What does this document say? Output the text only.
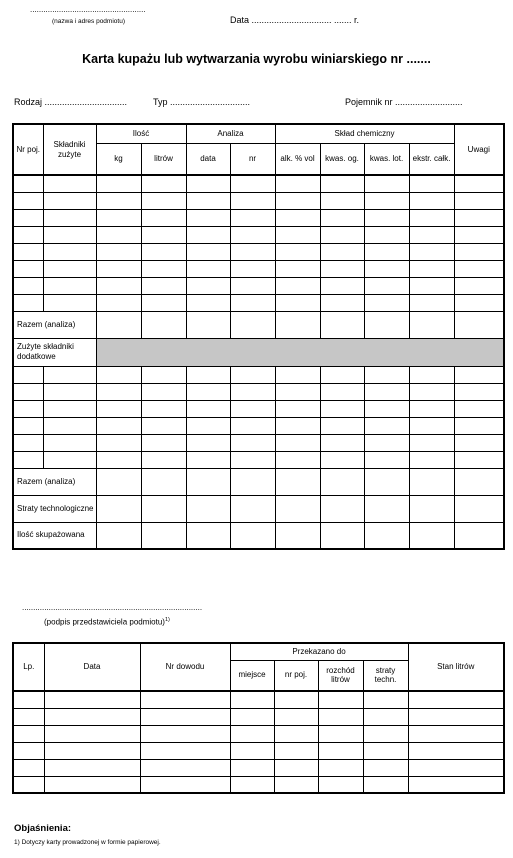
....................................................
(nazwa i adres podmiotu)	Data ................................ ....... r.
Karta kupażu lub wytwarzania wyrobu winiarskiego nr .......
Rodzaj .................................	Typ ................................	Pojemnik nr ...........................
Nr poj.	Składniki zużyte	Ilość		Analiza		Skład chemiczny				Uwagi
		kg	litrów	data	nr	alk. % vol	kwas. og.	kwas. lot.	ekstr. całk.	

Razem (analiza)										
Zużyte składniki dodatkowe										

Razem (analiza)										
Straty technologiczne										
Ilość skupażowana										
.................................................................................
(podpis przedstawiciela podmiotu)$^{1)}$
Lp.	Data	Nr dowodu	Przekazano do				Stan litrów
			miejsce	nr poj.	rozchód litrów	straty techn.	

Objaśnienia:
1) Dotyczy karty prowadzonej w formie papierowej.
